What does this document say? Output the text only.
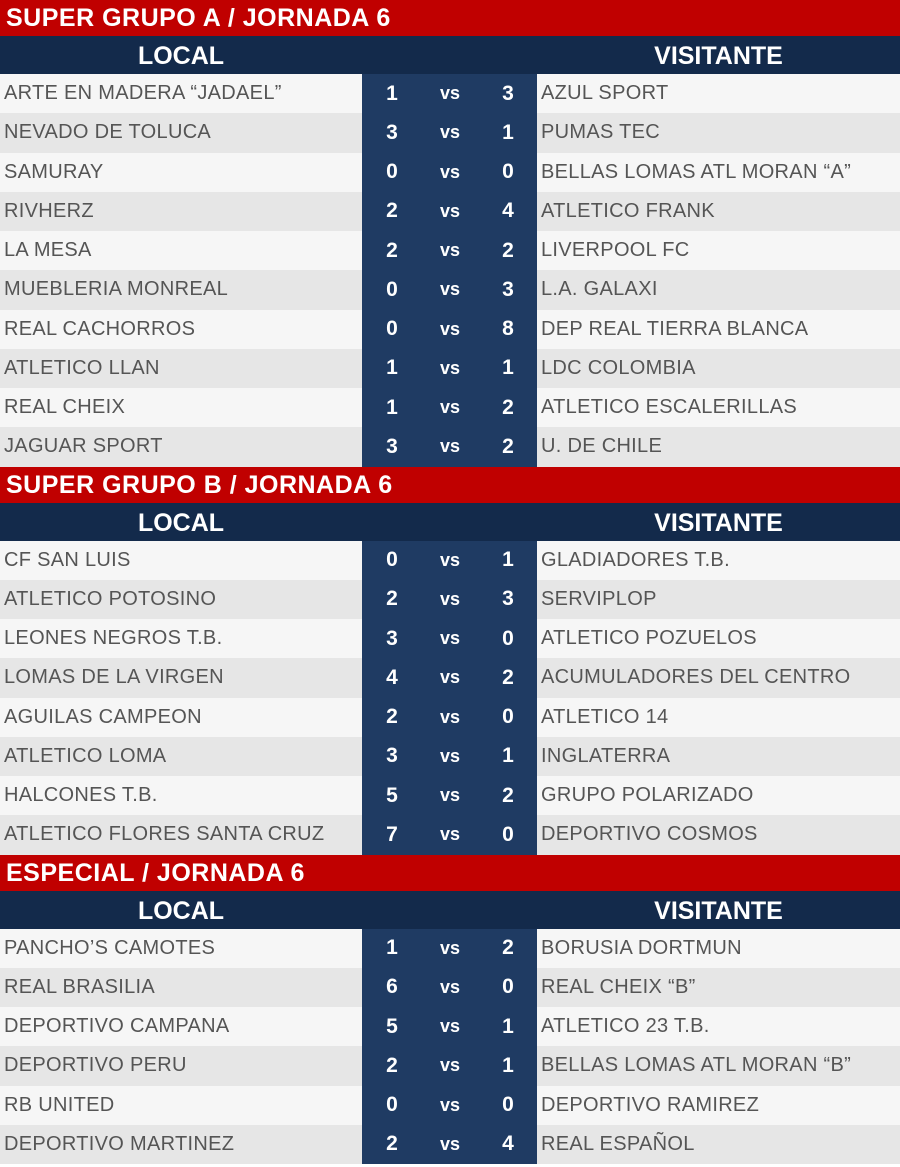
SUPER GRUPO A / JORNADA 6
LOCAL	VISITANTE
ARTE EN MADERA “JADAEL”	1	vs	3	AZUL SPORT
NEVADO DE TOLUCA	3	vs	1	PUMAS TEC
SAMURAY	0	vs	0	BELLAS LOMAS ATL MORAN “A”
RIVHERZ	2	vs	4	ATLETICO FRANK
LA MESA	2	vs	2	LIVERPOOL FC
MUEBLERIA MONREAL	0	vs	3	L.A. GALAXI
REAL CACHORROS	0	vs	8	DEP REAL TIERRA BLANCA
ATLETICO LLAN	1	vs	1	LDC COLOMBIA
REAL CHEIX	1	vs	2	ATLETICO ESCALERILLAS
JAGUAR SPORT	3	vs	2	U. DE CHILE
SUPER GRUPO B / JORNADA 6
LOCAL	VISITANTE
CF SAN LUIS	0	vs	1	GLADIADORES T.B.
ATLETICO POTOSINO	2	vs	3	SERVIPLOP
LEONES NEGROS T.B.	3	vs	0	ATLETICO POZUELOS
LOMAS DE LA VIRGEN	4	vs	2	ACUMULADORES DEL CENTRO
AGUILAS CAMPEON	2	vs	0	ATLETICO 14
ATLETICO LOMA	3	vs	1	INGLATERRA
HALCONES T.B.	5	vs	2	GRUPO POLARIZADO
ATLETICO FLORES SANTA CRUZ	7	vs	0	DEPORTIVO COSMOS
ESPECIAL / JORNADA 6
LOCAL	VISITANTE
PANCHO’S CAMOTES	1	vs	2	BORUSIA DORTMUN
REAL BRASILIA	6	vs	0	REAL CHEIX “B”
DEPORTIVO CAMPANA	5	vs	1	ATLETICO 23 T.B.
DEPORTIVO PERU	2	vs	1	BELLAS LOMAS ATL MORAN “B”
RB UNITED	0	vs	0	DEPORTIVO RAMIREZ
DEPORTIVO MARTINEZ	2	vs	4	REAL ESPAÑOL
